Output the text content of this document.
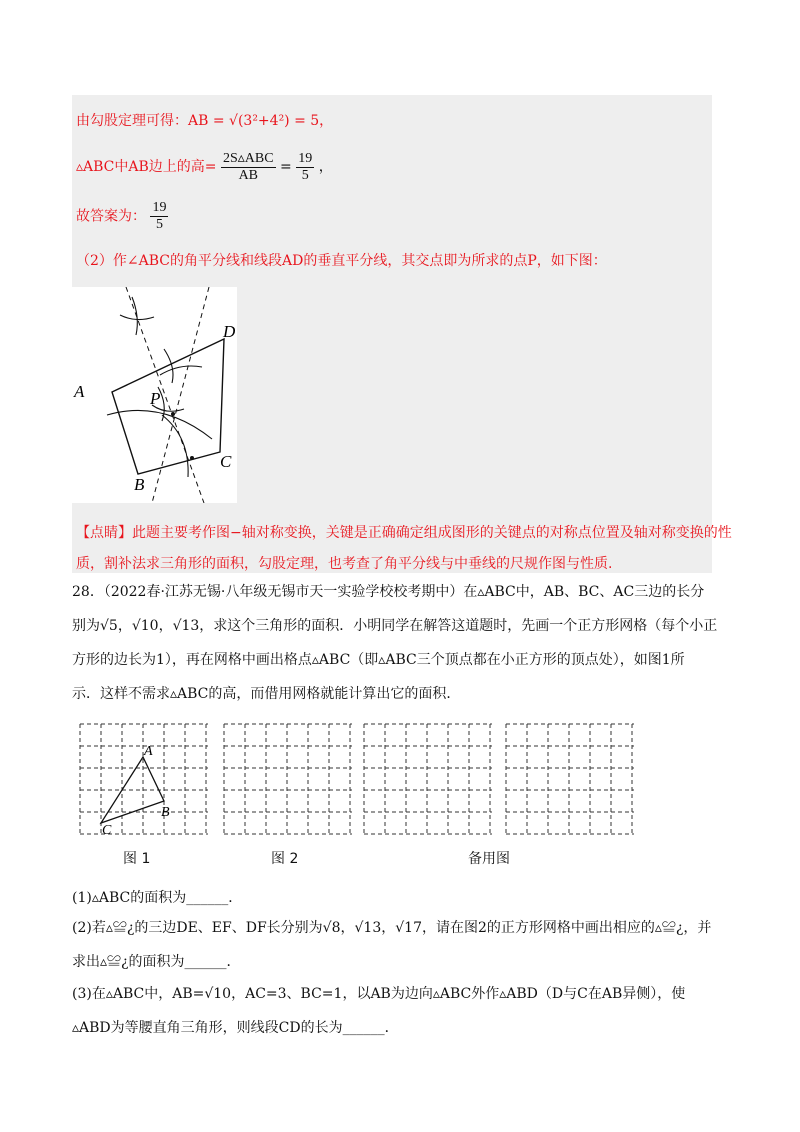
由勾股定理可得：AB = √(3²+4²) = 5，
▵ABC中AB边上的高= $\frac{\text{2S▵ABC}}{AB} = \frac{19}{5}$ ，
故答案为： $\frac{19}{5}$
（2）作∠ABC的角平分线和线段AD的垂直平分线，其交点即为所求的点P，如下图：
A
B
C
D
P
【点睛】此题主要考作图−轴对称变换，关键是正确确定组成图形的关键点的对称点位置及轴对称变换的性
质，割补法求三角形的面积，勾股定理，也考查了角平分线与中垂线的尺规作图与性质.
28．（2022春·江苏无锡·八年级无锡市天一实验学校校考期中）在▵ABC中，AB、BC、AC三边的长分
别为√5，√10，√13，求这个三角形的面积．小明同学在解答这道题时，先画一个正方形网格（每个小正
方形的边长为1），再在网格中画出格点▵ABC（即▵ABC三个顶点都在小正方形的顶点处），如图1所
示．这样不需求▵ABC的高，而借用网格就能计算出它的面积．
A
B
C
图 1	图 2	备用图
(1)▵ABC的面积为______．
(2)若▵≌¿的三边DE、EF、DF长分别为√8，√13，√17，请在图2的正方形网格中画出相应的▵≌¿，并
求出▵≌¿的面积为______．
(3)在▵ABC中，AB=√10，AC=3、BC=1，以AB为边向▵ABC外作▵ABD（D与C在AB异侧），使
▵ABD为等腰直角三角形，则线段CD的长为______．
